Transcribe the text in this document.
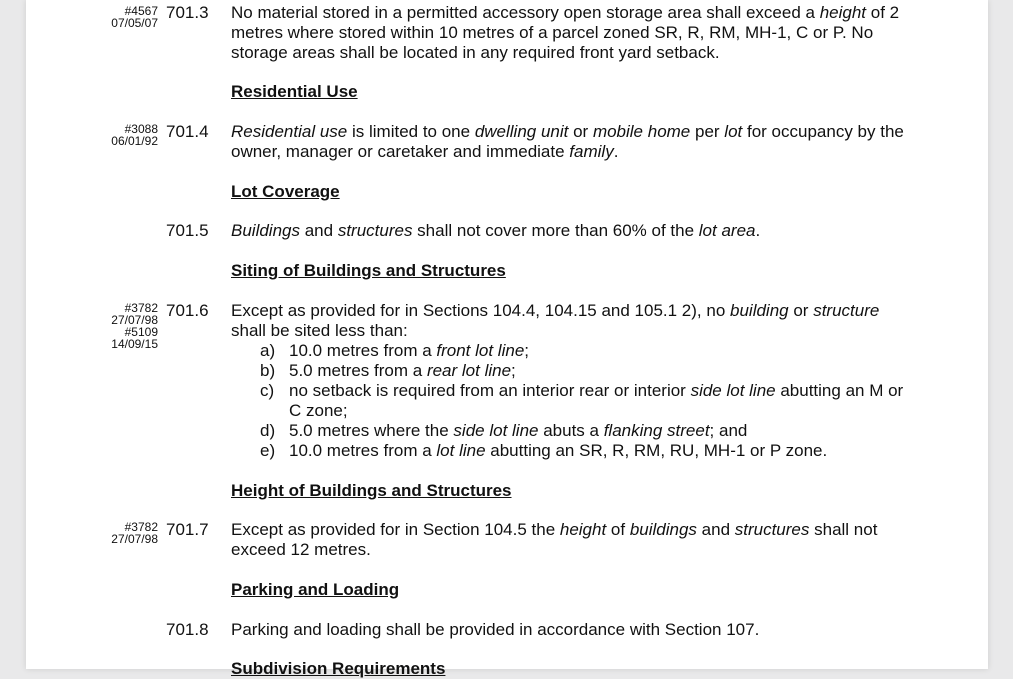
#4567
07/05/07
701.3 No material stored in a permitted accessory open storage area shall exceed a height of 2 metres where stored within 10 metres of a parcel zoned SR, R, RM, MH-1, C or P. No storage areas shall be located in any required front yard setback.
Residential Use
#3088
06/01/92 701.4 Residential use is limited to one dwelling unit or mobile home per lot for occupancy by the owner, manager or caretaker and immediate family.
Lot Coverage
701.5 Buildings and structures shall not cover more than 60% of the lot area.
Siting of Buildings and Structures
#3782
27/07/98
#5109
14/09/15
701.6 Except as provided for in Sections 104.4, 104.15 and 105.1 2), no building or structure shall be sited less than:
a) 10.0 metres from a front lot line;
b) 5.0 metres from a rear lot line;
c) no setback is required from an interior rear or interior side lot line abutting an M or C zone;
d) 5.0 metres where the side lot line abuts a flanking street; and
e) 10.0 metres from a lot line abutting an SR, R, RM, RU, MH-1 or P zone.
Height of Buildings and Structures
#3782
27/07/98 701.7 Except as provided for in Section 104.5 the height of buildings and structures shall not exceed 12 metres.
Parking and Loading
701.8 Parking and loading shall be provided in accordance with Section 107.
Subdivision Requirements
